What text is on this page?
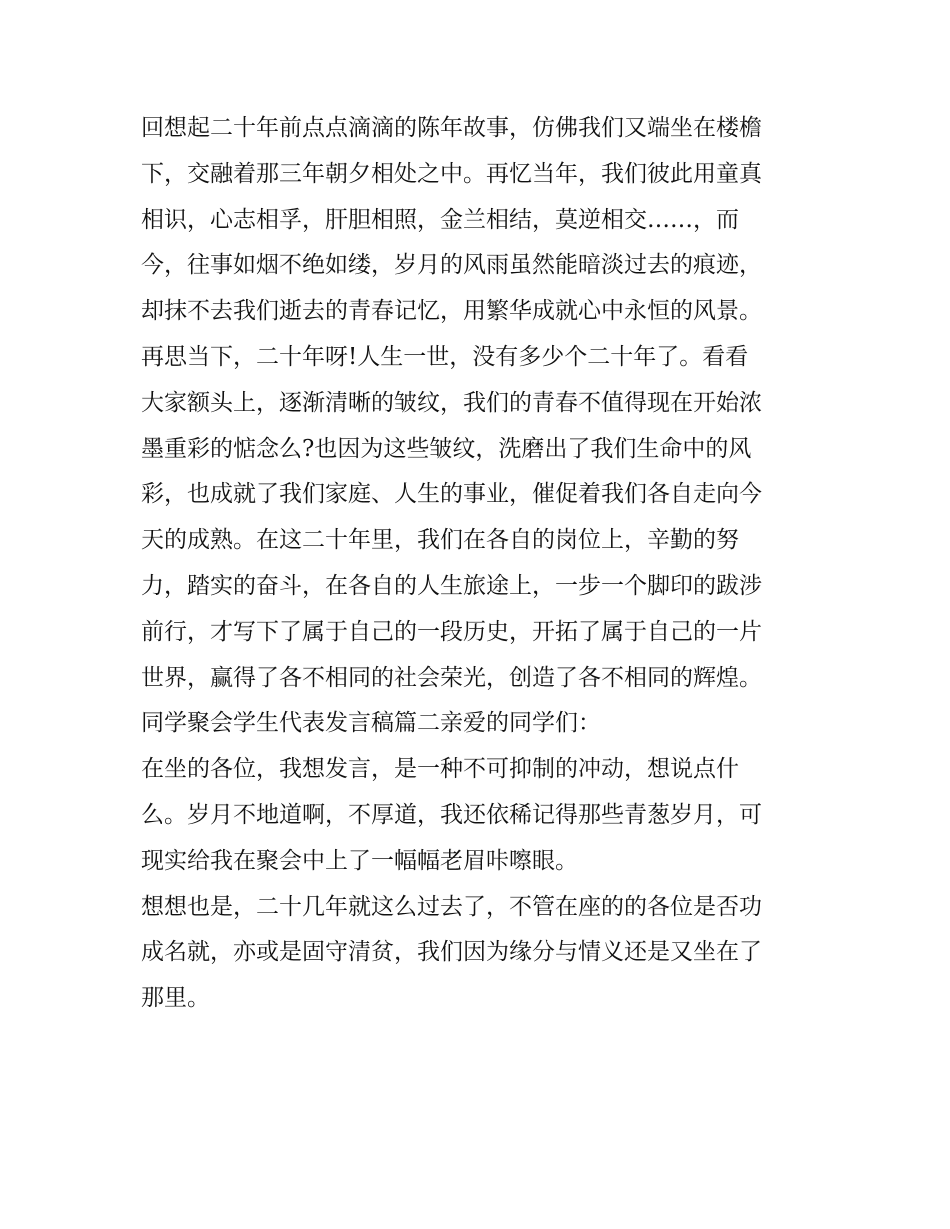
回想起二十年前点点滴滴的陈年故事，仿佛我们又端坐在楼檐
下，交融着那三年朝夕相处之中。再忆当年，我们彼此用童真
相识，心志相孚，肝胆相照，金兰相结，莫逆相交……，而
今，往事如烟不绝如缕，岁月的风雨虽然能暗淡过去的痕迹，
却抹不去我们逝去的青春记忆，用繁华成就心中永恒的风景。
再思当下，二十年呀!人生一世，没有多少个二十年了。看看
大家额头上，逐渐清晰的皱纹，我们的青春不值得现在开始浓
墨重彩的惦念么?也因为这些皱纹，洗磨出了我们生命中的风
彩，也成就了我们家庭、人生的事业，催促着我们各自走向今
天的成熟。在这二十年里，我们在各自的岗位上，辛勤的努
力，踏实的奋斗，在各自的人生旅途上，一步一个脚印的跋涉
前行，才写下了属于自己的一段历史，开拓了属于自己的一片
世界，赢得了各不相同的社会荣光，创造了各不相同的辉煌。
同学聚会学生代表发言稿篇二亲爱的同学们：
在坐的各位，我想发言，是一种不可抑制的冲动，想说点什
么。岁月不地道啊，不厚道，我还依稀记得那些青葱岁月，可
现实给我在聚会中上了一幅幅老眉咔嚓眼。
想想也是，二十几年就这么过去了，不管在座的的各位是否功
成名就，亦或是固守清贫，我们因为缘分与情义还是又坐在了
那里。
